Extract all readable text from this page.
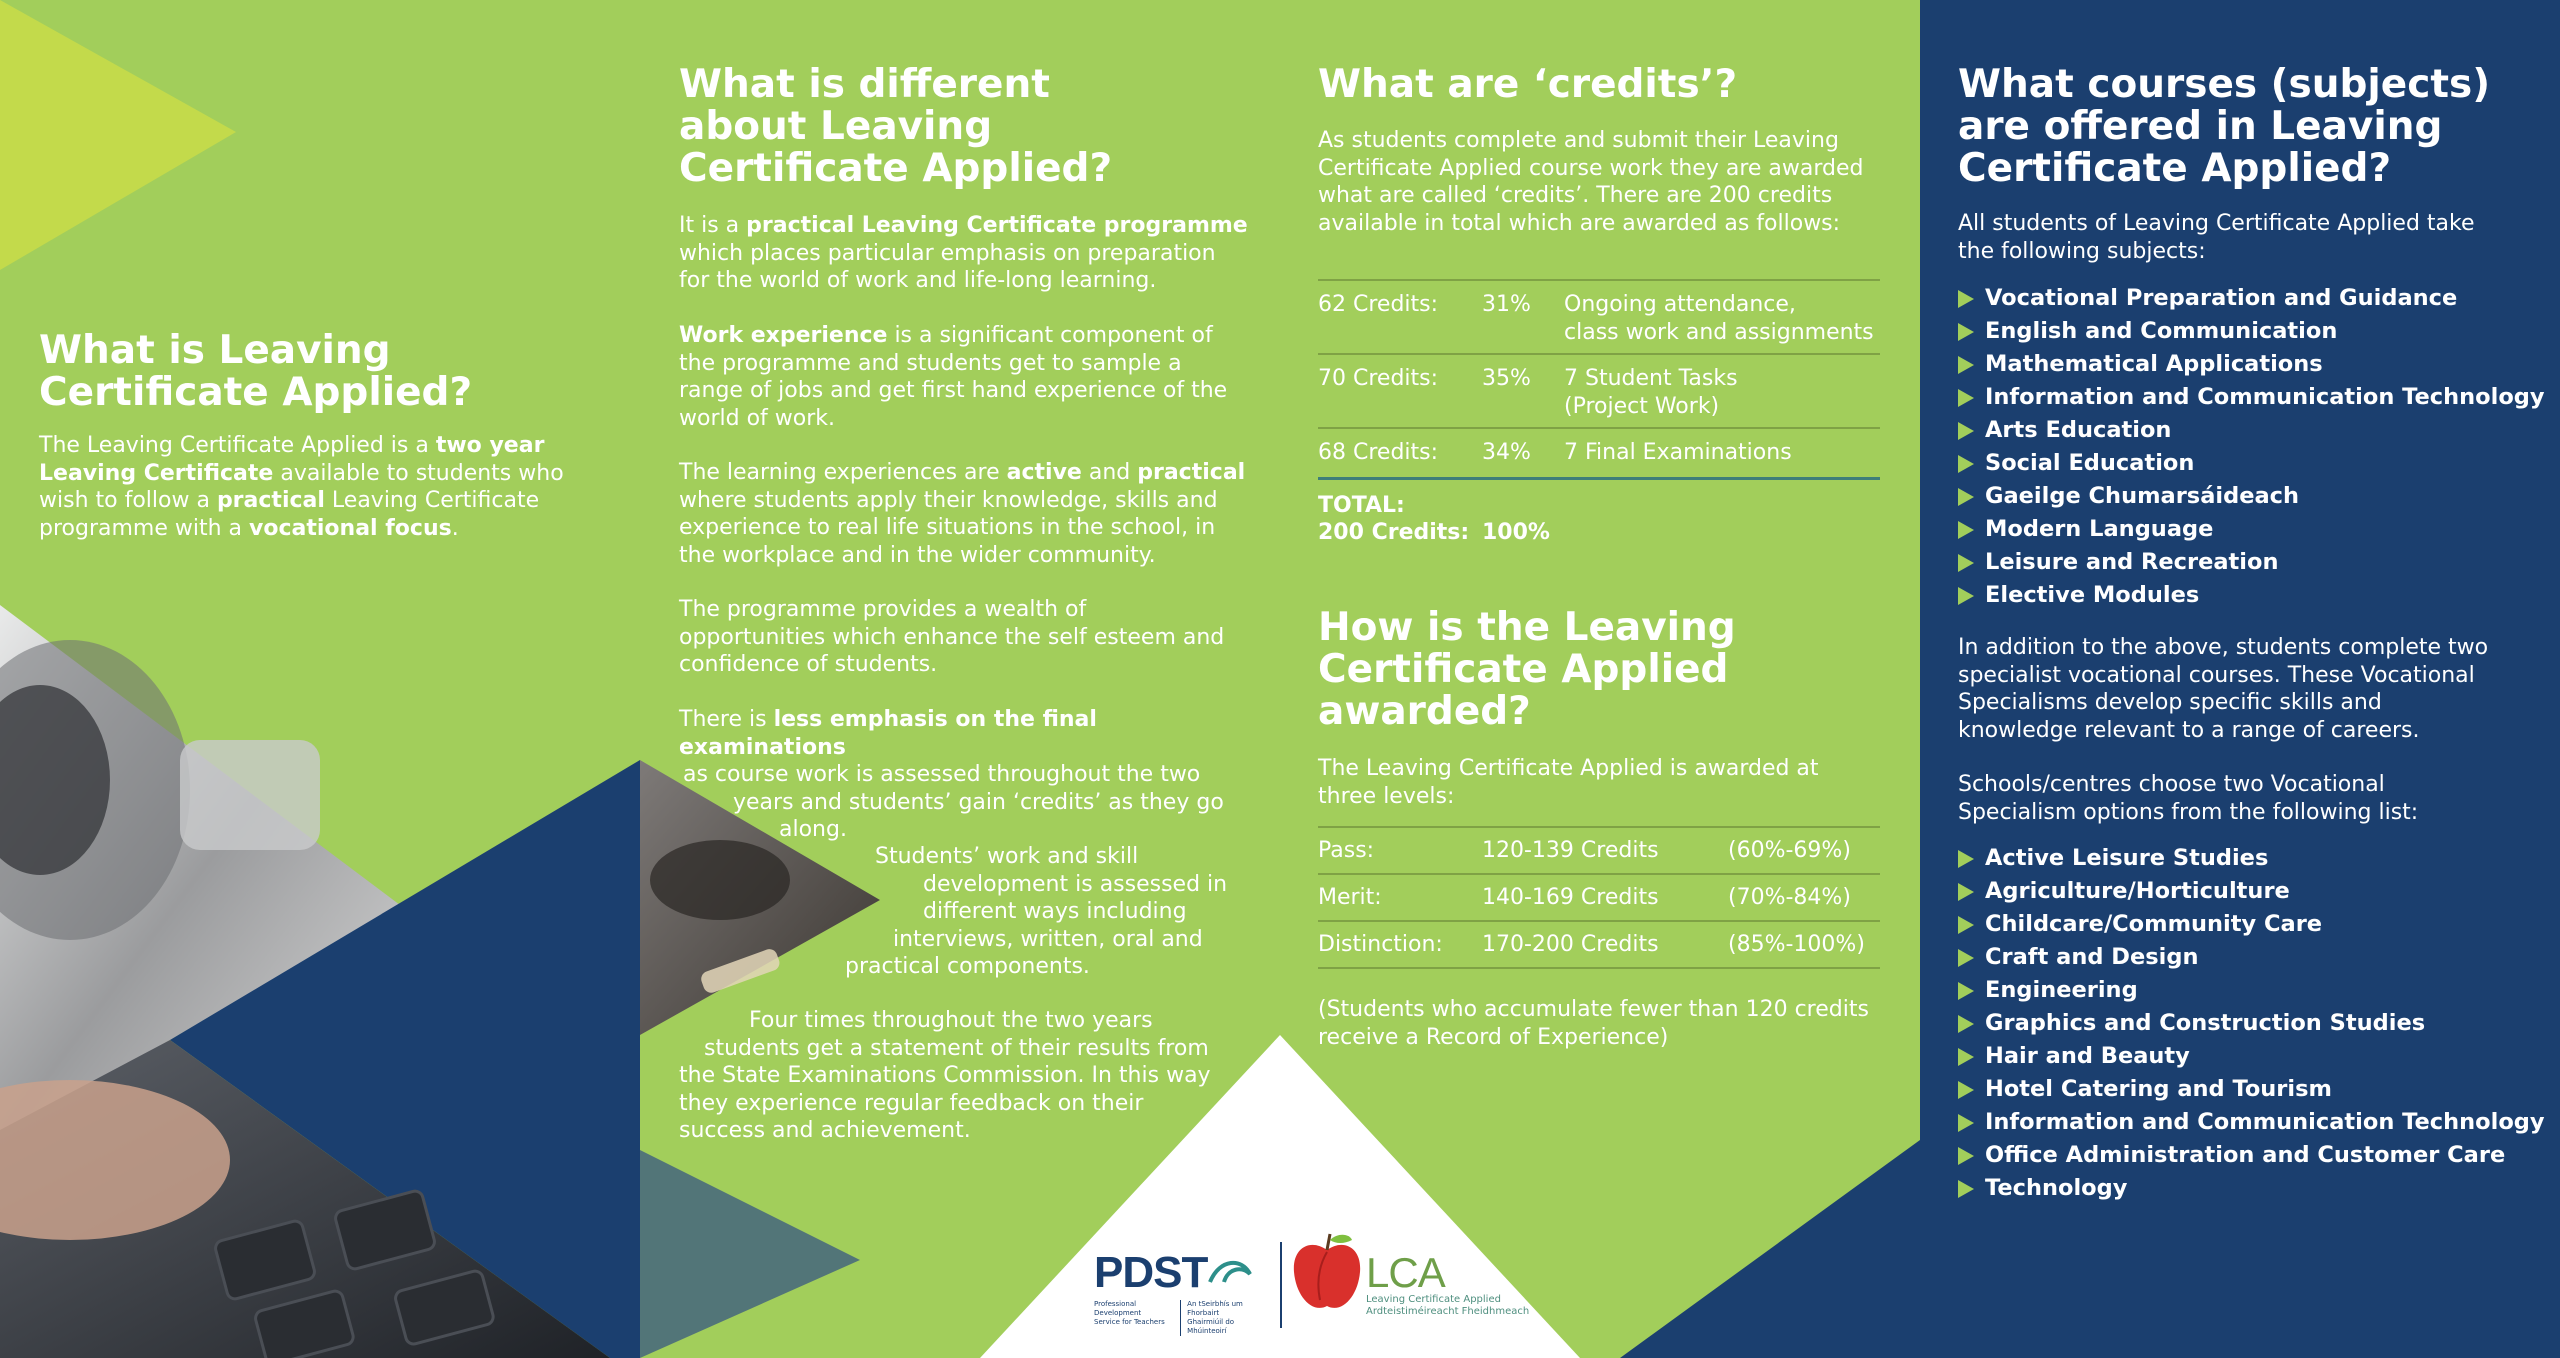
What is Leaving
Certificate Applied?
The Leaving Certificate Applied is a two year
Leaving Certificate available to students who
wish to follow a practical Leaving Certificate
programme with a vocational focus.
What is different
about Leaving
Certificate Applied?
It is a practical Leaving Certificate programme
which places particular emphasis on preparation
for the world of work and life-long learning.
Work experience is a significant component of
the programme and students get to sample a
range of jobs and get first hand experience of the
world of work.
The learning experiences are active and practical
where students apply their knowledge, skills and
experience to real life situations in the school, in
the workplace and in the wider community.
The programme provides a wealth of
opportunities which enhance the self esteem and
confidence of students.
There is less emphasis on the final examinations
as course work is assessed throughout the two
years and students’ gain ‘credits’ as they go
along.
Students’ work and skill
development is assessed in
different ways including
interviews, written, oral and
practical components.
Four times throughout the two years
students get a statement of their results from
the State Examinations Commission. In this way
they experience regular feedback on their
success and achievement.
What are ‘credits’?
As students complete and submit their Leaving
Certificate Applied course work they are awarded
what are called ‘credits’. There are 200 credits
available in total which are awarded as follows:
62 Credits: 31% Ongoing attendance,
class work and assignments
70 Credits: 35% 7 Student Tasks
(Project Work)
68 Credits: 34% 7 Final Examinations
TOTAL:
200 Credits: 100%
How is the Leaving
Certificate Applied
awarded?
The Leaving Certificate Applied is awarded at
three levels:
Pass:	120-139 Credits	(60%-69%)
Merit:	140-169 Credits	(70%-84%)
Distinction: 170-200 Credits	(85%-100%)
(Students who accumulate fewer than 120 credits
receive a Record of Experience)
PDST
Professional Development
Service for Teachers
An tSeirbhís um Fhorbairt
Ghairmiúil do Mhúinteoirí
LCA
Leaving Certificate Applied
Ardteistiméireacht Fheidhmeach
What courses (subjects)
are offered in Leaving
Certificate Applied?
All students of Leaving Certificate Applied take
the following subjects:
Vocational Preparation and Guidance
English and Communication
Mathematical Applications
Information and Communication Technology
Arts Education
Social Education
Gaeilge Chumarsáideach
Modern Language
Leisure and Recreation
Elective Modules
In addition to the above, students complete two
specialist vocational courses. These Vocational
Specialisms develop specific skills and
knowledge relevant to a range of careers.
Schools/centres choose two Vocational
Specialism options from the following list:
Active Leisure Studies
Agriculture/Horticulture
Childcare/Community Care
Craft and Design
Engineering
Graphics and Construction Studies
Hair and Beauty
Hotel Catering and Tourism
Information and Communication Technology
Office Administration and Customer Care
Technology
